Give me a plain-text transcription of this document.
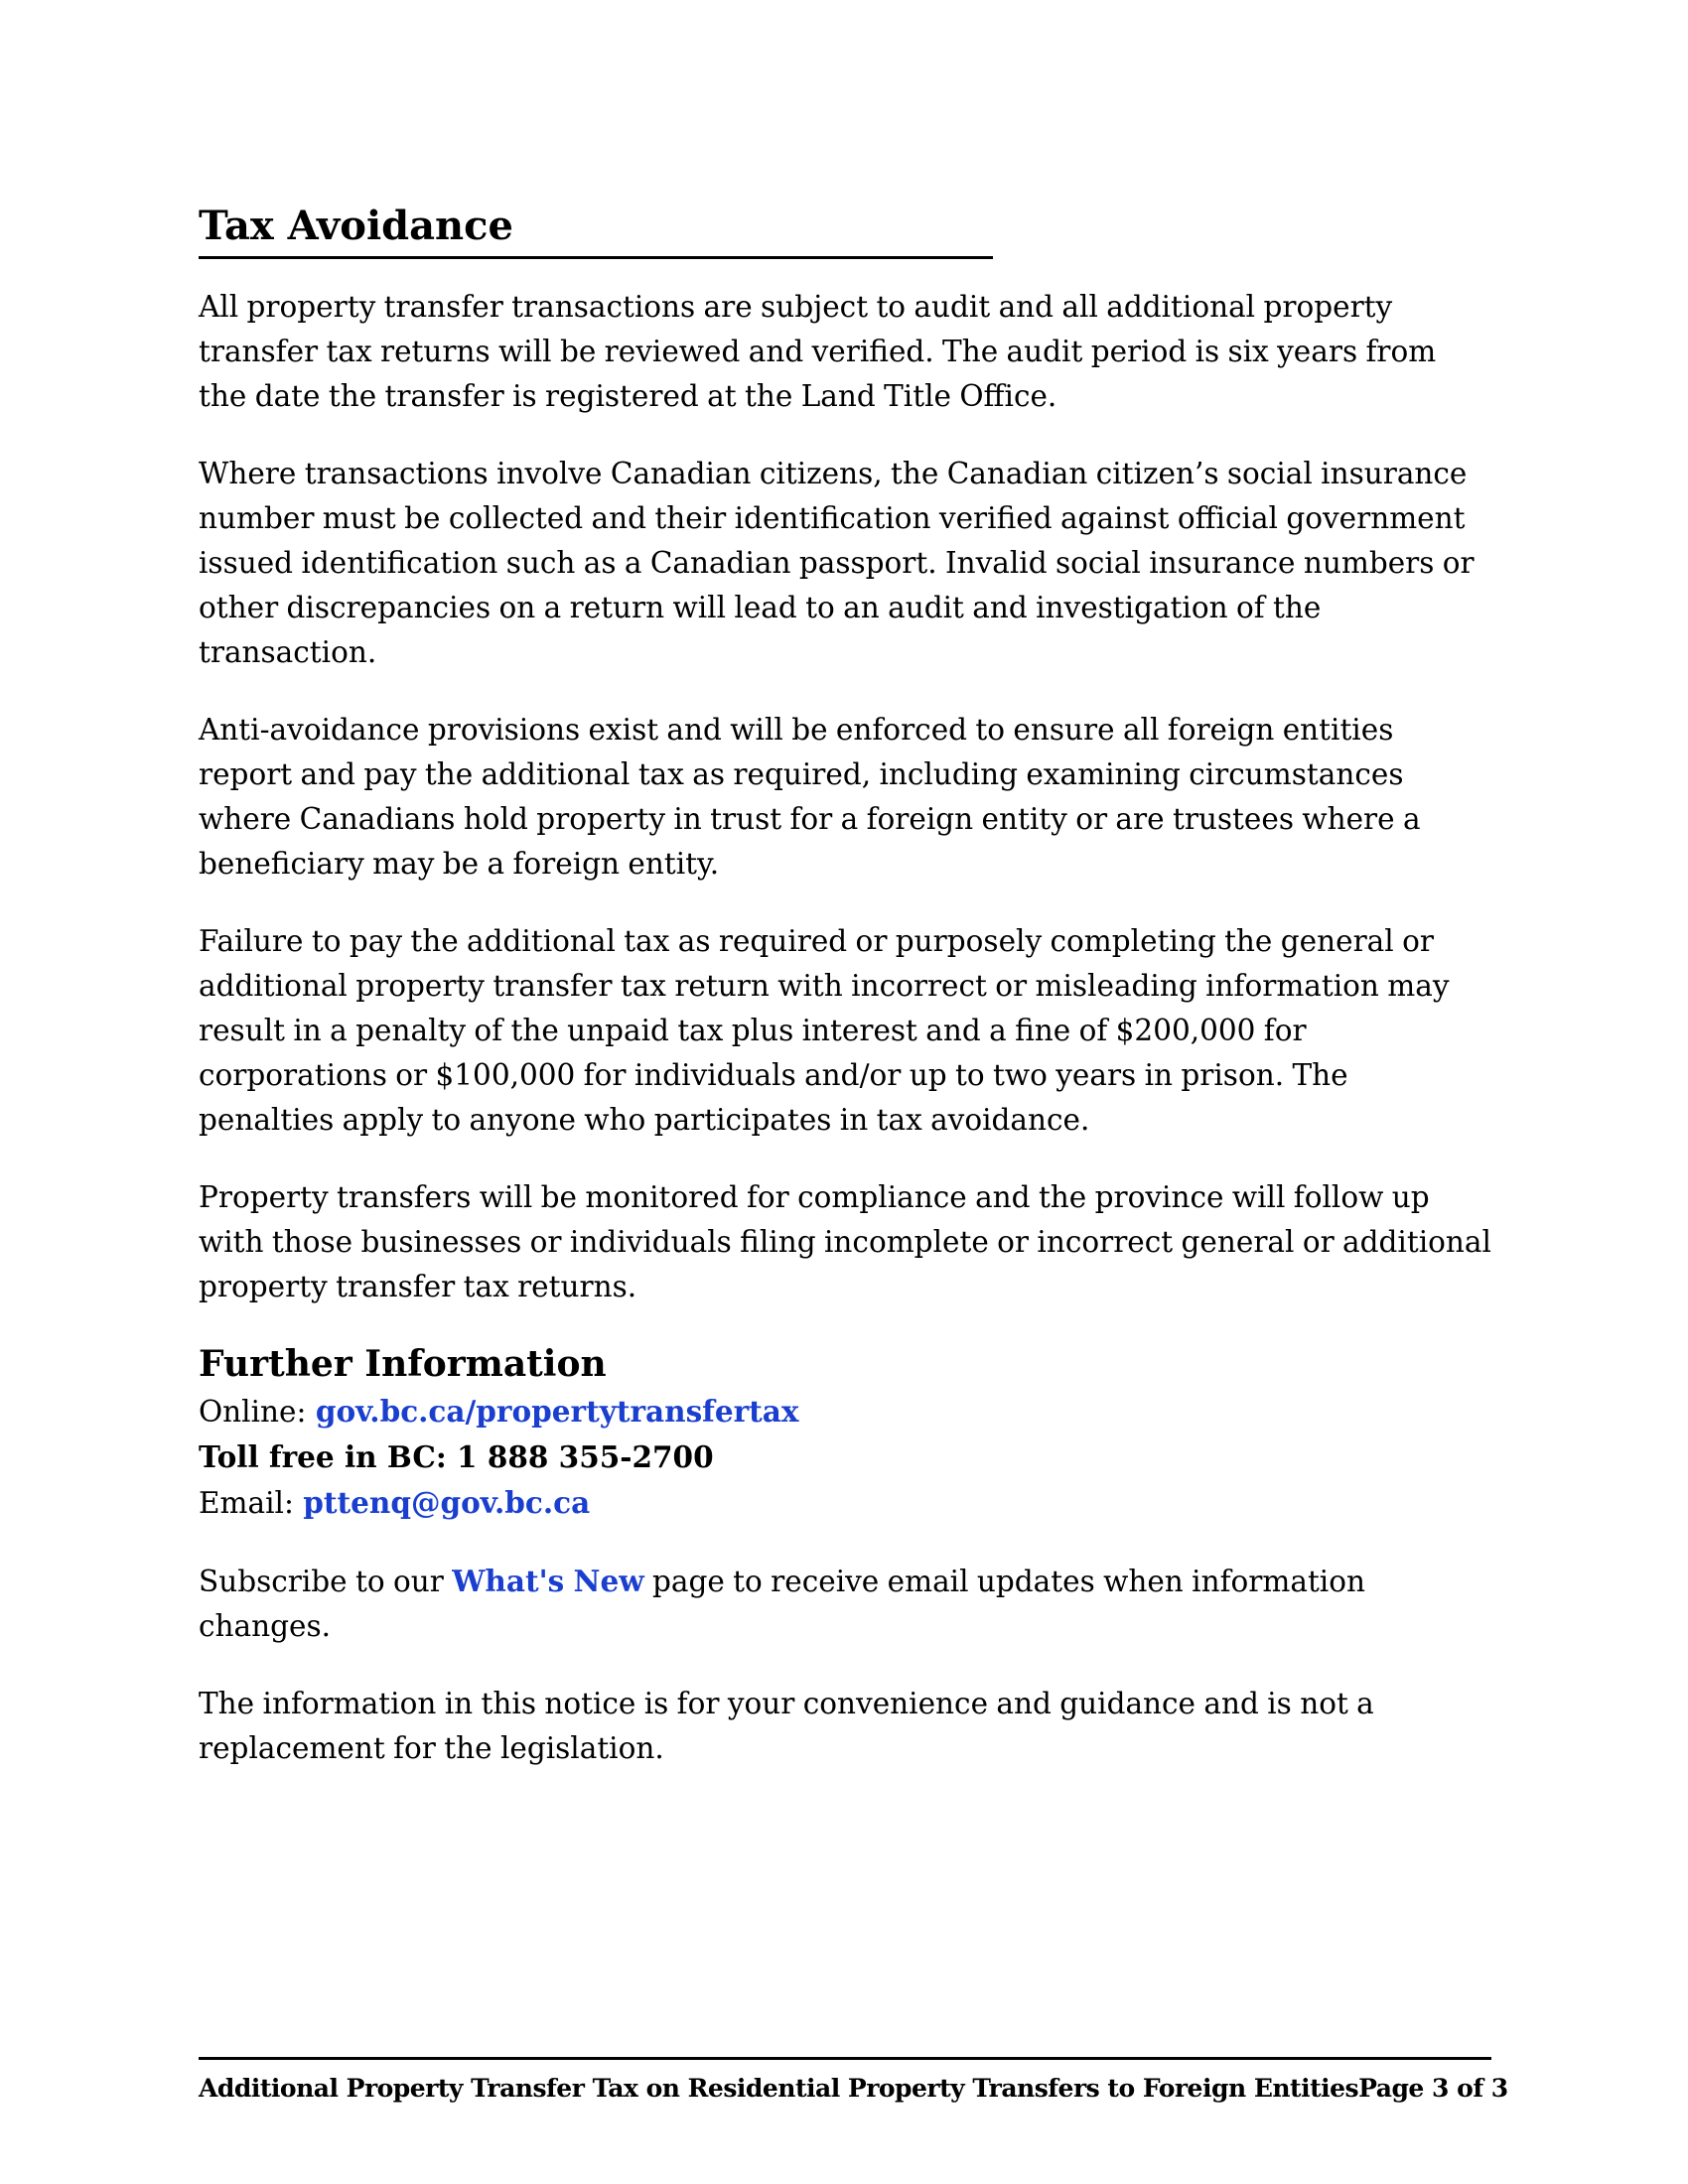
Tax Avoidance

All property transfer transactions are subject to audit and all additional property transfer tax returns will be reviewed and verified. The audit period is six years from the date the transfer is registered at the Land Title Office.

Where transactions involve Canadian citizens, the Canadian citizen’s social insurance number must be collected and their identification verified against official government issued identification such as a Canadian passport. Invalid social insurance numbers or other discrepancies on a return will lead to an audit and investigation of the transaction.

Anti-avoidance provisions exist and will be enforced to ensure all foreign entities report and pay the additional tax as required, including examining circumstances where Canadians hold property in trust for a foreign entity or are trustees where a beneficiary may be a foreign entity.

Failure to pay the additional tax as required or purposely completing the general or additional property transfer tax return with incorrect or misleading information may result in a penalty of the unpaid tax plus interest and a fine of $200,000 for corporations or $100,000 for individuals and/or up to two years in prison. The penalties apply to anyone who participates in tax avoidance.

Property transfers will be monitored for compliance and the province will follow up with those businesses or individuals filing incomplete or incorrect general or additional property transfer tax returns.

Further Information

Online: gov.bc.ca/propertytransfertax

Toll free in BC: 1 888 355-2700

Email: pttenq@gov.bc.ca

Subscribe to our What's New page to receive email updates when information changes.

The information in this notice is for your convenience and guidance and is not a replacement for the legislation.

Additional Property Transfer Tax on Residential Property Transfers to Foreign Entities Page 3 of 3
